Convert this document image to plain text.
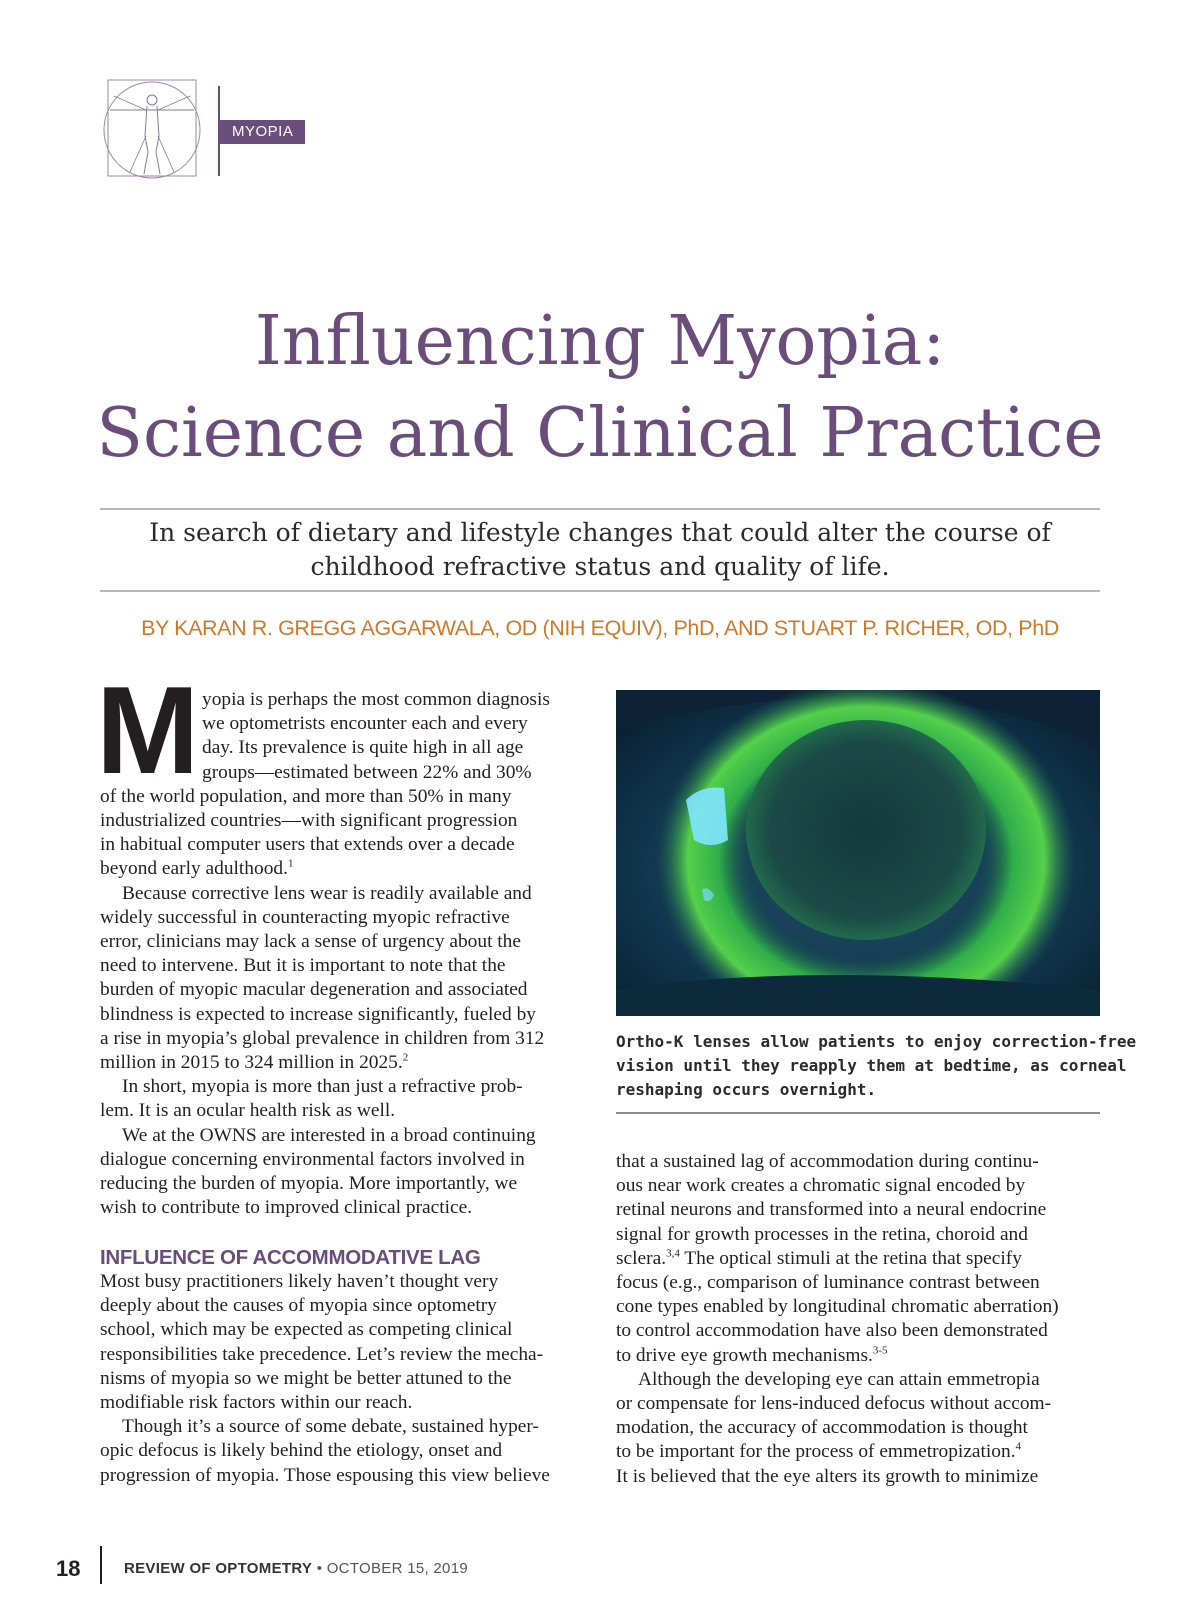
MYOPIA
Influencing Myopia:
Science and Clinical Practice

In search of dietary and lifestyle changes that could alter the course of
childhood refractive status and quality of life.

BY KARAN R. GREGG AGGARWALA, OD (NIH EQUIV), PhD, AND STUART P. RICHER, OD, PhD
M yopia is perhaps the most common diagnosis
we optometrists encounter each and every
day. Its prevalence is quite high in all age
groups—estimated between 22% and 30%
of the world population, and more than 50% in many
industrialized countries—with significant progression
in habitual computer users that extends over a decade
beyond early adulthood.$^1$

Because corrective lens wear is readily available and
widely successful in counteracting myopic refractive
error, clinicians may lack a sense of urgency about the
need to intervene. But it is important to note that the
burden of myopic macular degeneration and associated
blindness is expected to increase significantly, fueled by
a rise in myopia’s global prevalence in children from 312
million in 2015 to 324 million in 2025.$^2$

In short, myopia is more than just a refractive prob-
lem. It is an ocular health risk as well.

We at the OWNS are interested in a broad continuing
dialogue concerning environmental factors involved in
reducing the burden of myopia. More importantly, we
wish to contribute to improved clinical practice.

INFLUENCE OF ACCOMMODATIVE LAG

Most busy practitioners likely haven’t thought very
deeply about the causes of myopia since optometry
school, which may be expected as competing clinical
responsibilities take precedence. Let’s review the mecha-
nisms of myopia so we might be better attuned to the
modifiable risk factors within our reach.

Though it’s a source of some debate, sustained hyper-
opic defocus is likely behind the etiology, onset and
progression of myopia. Those espousing this view believe

Ortho-K lenses allow patients to enjoy correction-free
vision until they reapply them at bedtime, as corneal
reshaping occurs overnight.

that a sustained lag of accommodation during continu-
ous near work creates a chromatic signal encoded by
retinal neurons and transformed into a neural endocrine
signal for growth processes in the retina, choroid and
sclera.$^{3,4}$ The optical stimuli at the retina that specify
focus (e.g., comparison of luminance contrast between
cone types enabled by longitudinal chromatic aberration)
to control accommodation have also been demonstrated
to drive eye growth mechanisms.$^{3-5}$

Although the developing eye can attain emmetropia
or compensate for lens-induced defocus without accom-
modation, the accuracy of accommodation is thought
to be important for the process of emmetropization.$^4$

It is believed that the eye alters its growth to minimize

18	REVIEW OF OPTOMETRY • OCTOBER 15, 2019
